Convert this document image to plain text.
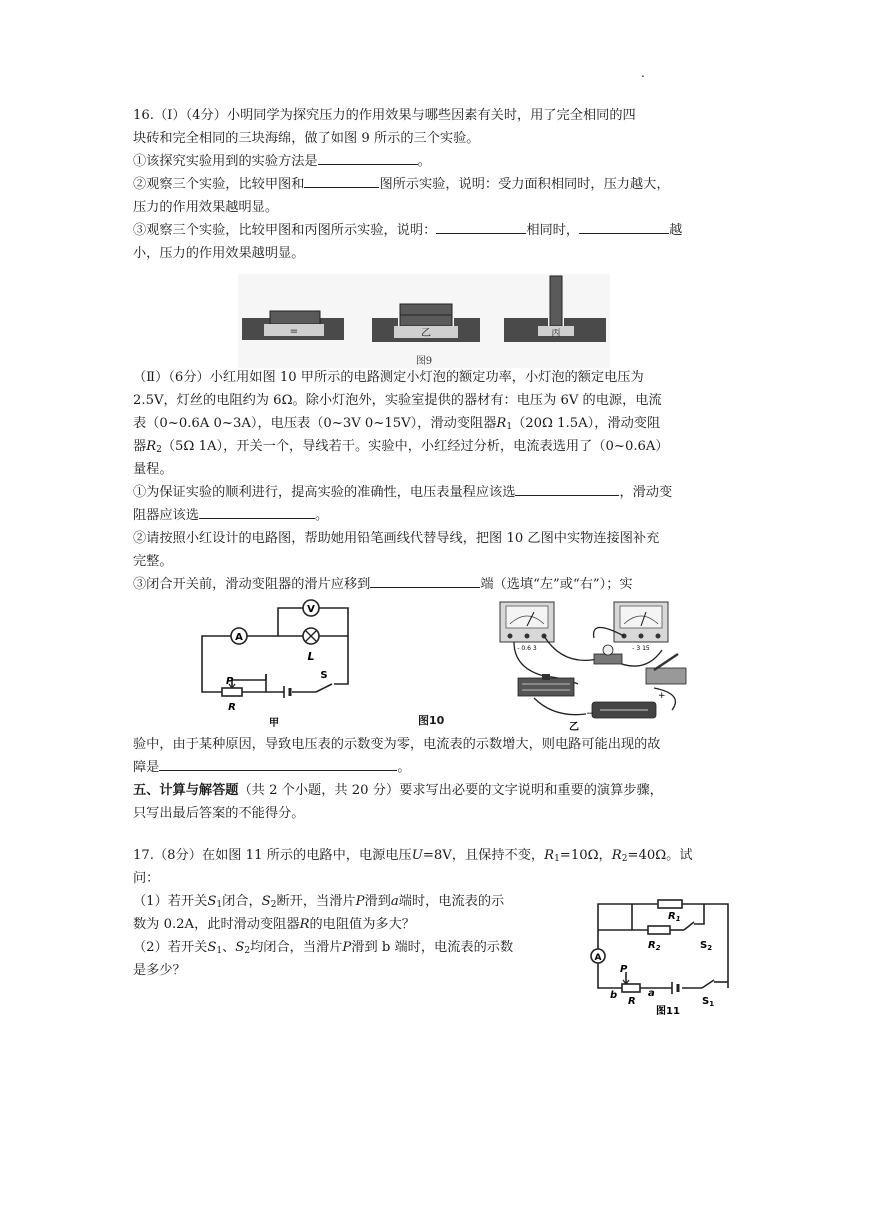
.
16.（Ⅰ）（4分）小明同学为探究压力的作用效果与哪些因素有关时，用了完全相同的四
块砖和完全相同的三块海绵，做了如图 9 所示的三个实验。
①该探究实验用到的实验方法是	。
②观察三个实验，比较甲图和	图所示实验，说明：受力面积相同时，压力越大，
压力的作用效果越明显。
③观察三个实验，比较甲图和丙图所示实验，说明：	相同时，	越
小，压力的作用效果越明显。
=	乙	丙
图9
（Ⅱ）（6分）小红用如图 10 甲所示的电路测定小灯泡的额定功率，小灯泡的额定电压为
2.5V，灯丝的电阻约为 6Ω。除小灯泡外，实验室提供的器材有：电压为 6V 的电源，电流
表（0~0.6A 0~3A），电压表（0~3V 0~15V），滑动变阻器$R_1(20\Omega$ 1.5A），滑动变阻
器$R_2(5\Omega$ 1A），开关一个，导线若干。实验中，小红经过分析，电流表选用了（0~0.6A）
量程。
①为保证实验的顺利进行，提高实验的准确性，电压表量程应该选	，滑动变
阻器应该选	。
②请按照小红设计的电路图，帮助她用铅笔画线代替导线，把图 10 乙图中实物连接图补充
完整。
③闭合开关前，滑动变阻器的滑片应移到	端（选填“左”或“右”）；实
A
V
L
P
R
S
甲	图10
- 0.6 3	- 3 15
−
+
乙
验中，由于某种原因，导致电压表的示数变为零，电流表的示数增大，则电路可能出现的故
障是	。
五、计算与解答题（共 2 个小题，共 20 分）要求写出必要的文字说明和重要的演算步骤，
只写出最后答案的不能得分。
17.（8分）在如图 11 所示的电路中，电源电压U=8V，且保持不变，$R_1=10\Omega$，$R_2=40\Omega$。试
问：
（1）若开关$S_1$闭合，$S_2$断开，当滑片P滑到a端时，电流表的示
数为 0.2A，此时滑动变阻器R的电阻值为多大？
（2）若开关$S_1$、$S_2$均闭合，当滑片P滑到 b 端时，电流表的示数
是多少？
A
$R_1$
$R_2$	$S_2$
P
R
b	a
$S_1$
图11
